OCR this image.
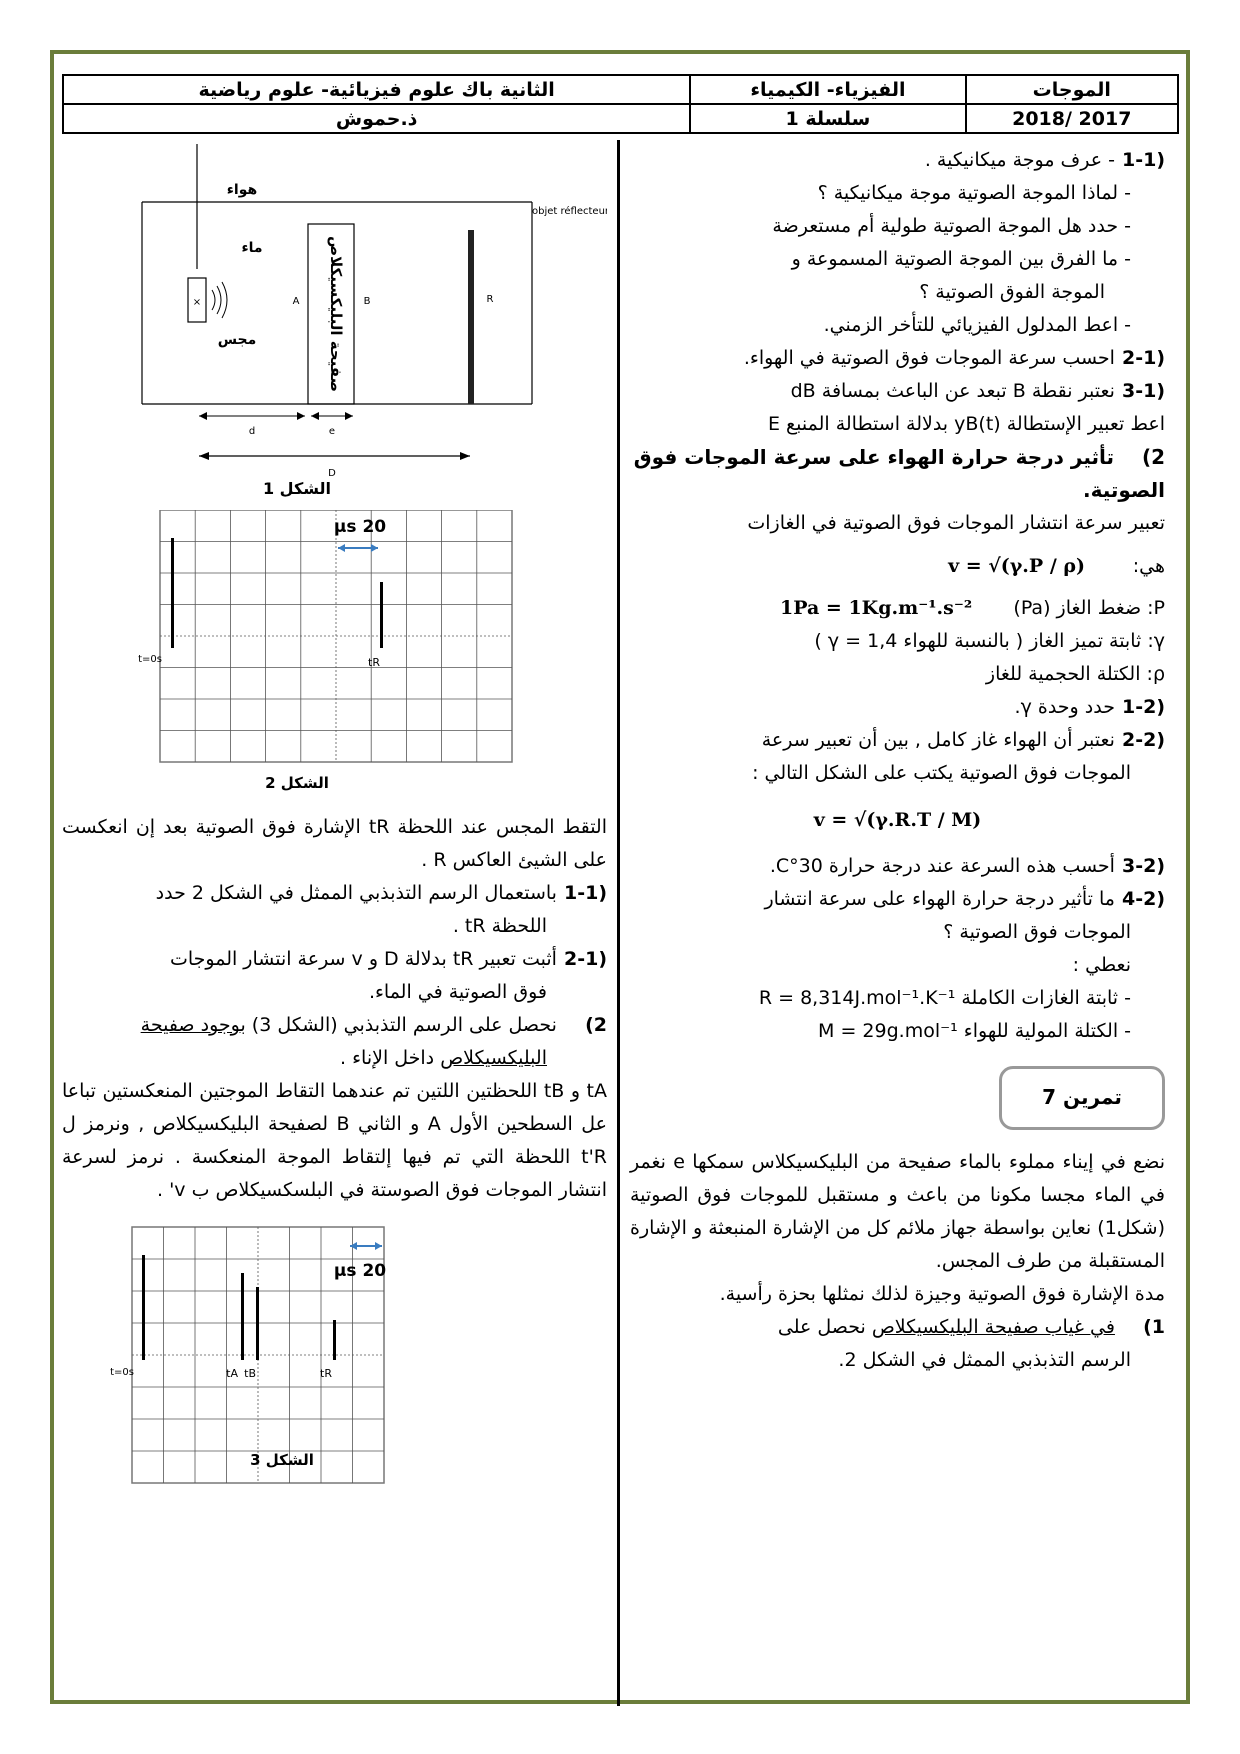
الثانية باك علوم فيزيائية- علوم رياضية	الفيزياء- الكيمياء	الموجات
ذ.حموش	سلسلة 1	2017 /2018
(1-1 - عرف موجة ميكانيكية .
- لماذا الموجة الصوتية موجة ميكانيكية ؟
- حدد هل الموجة الصوتية طولية أم مستعرضة
- ما الفرق بين الموجة الصوتية المسموعة و
الموجة الفوق الصوتية ؟
- اعط المدلول الفيزيائي للتأخر الزمني.
(2-1 احسب سرعة الموجات فوق الصوتية في الهواء.
(3-1 نعتبر نقطة B تبعد عن الباعث بمسافة dB
اعط تعبير الإستطالة yB(t) بدلالة استطالة المنبع E
2) تأثير درجة حرارة الهواء على سرعة الموجات فوق الصوتية.
تعبير سرعة انتشار الموجات فوق الصوتية في الغازات
هي:
v = √(γ.P / ρ)
P: ضغط الغاز (Pa)
1Pa = 1Kg.m⁻¹.s⁻²
γ: ثابتة تميز الغاز ( بالنسبة للهواء γ = 1,4 )
ρ: الكتلة الحجمية للغاز
(1-2 حدد وحدة γ.
(2-2 نعتبر أن الهواء غاز كامل , بين أن تعبير سرعة
الموجات فوق الصوتية يكتب على الشكل التالي :
v = √(γ.R.T / M)
(3-2 أحسب هذه السرعة عند درجة حرارة 30°C.
(4-2 ما تأثير درجة حرارة الهواء على سرعة انتشار
الموجات فوق الصوتية ؟
نعطي :
- ثابتة الغازات الكاملة R = 8,314J.mol⁻¹.K⁻¹
- الكتلة المولية للهواء M = 29g.mol⁻¹
تمرين 7
نضع في إيناء مملوء بالماء صفيحة من البليكسيكلاس سمكها e نغمر في الماء مجسا مكونا من باعث و مستقبل للموجات فوق الصوتية (شكل1) نعاين بواسطة جهاز ملائم كل من الإشارة المنبعثة و الإشارة المستقبلة من طرف المجس.
مدة الإشارة فوق الصوتية وجيزة لذلك نمثلها بحزة رأسية.
1) في غياب صفيحة البليكسيكلاص نحصل على
الرسم التذبذبي الممثل في الشكل 2.
هواء
ماء
مجس
objet réflecteur
×	صفيحة البليكسيكلاص
A	B	R
d	e
D
الشكل 1

20 µs
t=0s	tR
الشكل 2
التقط المجس عند اللحظة tR الإشارة فوق الصوتية بعد إن انعكست على الشيئ العاكس R .
(1-1 باستعمال الرسم التذبذبي الممثل في الشكل 2 حدد
اللحظة tR .
(2-1 أثبت تعبير tR بدلالة D و v سرعة انتشار الموجات
فوق الصوتية في الماء.
2) نحصل على الرسم التذبذبي (الشكل 3) بوجود صفيحة
البليكسيكلاص داخل الإناء .
tA و tB اللحظتين اللتين تم عندهما التقاط الموجتين المنعكستين تباعا عل السطحين الأول A و الثاني B لصفيحة البليكسيكلاص , ونرمز ل t'R اللحظة التي تم فيها إلتقاط الموجة المنعكسة . نرمز لسرعة انتشار الموجات فوق الصوستة في البلسكسيكلاص ب v' .
20 µs
t=0s	tA tB	tR
الشكل 3
